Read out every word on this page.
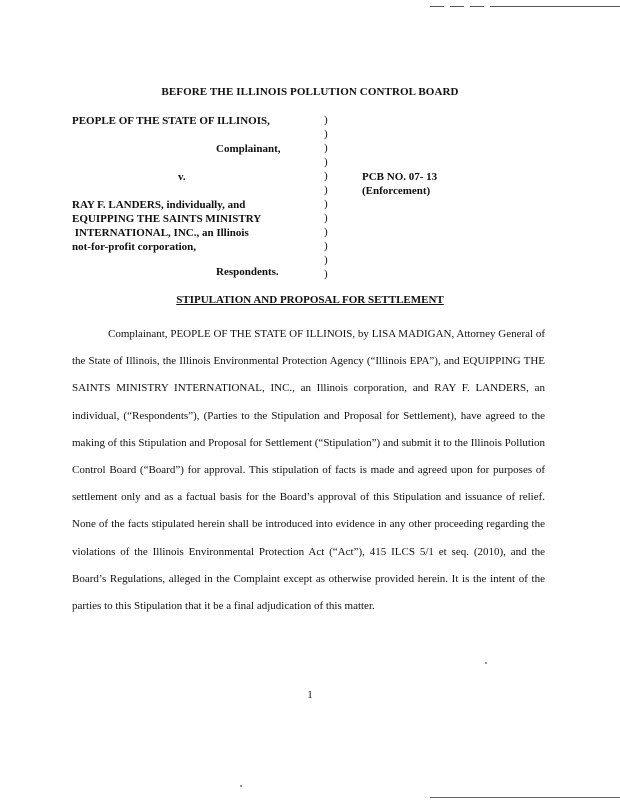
BEFORE THE ILLINOIS POLLUTION CONTROL BOARD
PEOPLE OF THE STATE OF ILLINOIS,
Complainant,
v.
RAY F. LANDERS, individually, and
EQUIPPING THE SAINTS MINISTRY
INTERNATIONAL, INC., an Illinois
not-for-profit corporation,
Respondents.
)
)
)
)
)
)
)
)
)
)
)
)
PCB NO. 07- 13
(Enforcement)
STIPULATION AND PROPOSAL FOR SETTLEMENT

Complainant, PEOPLE OF THE STATE OF ILLINOIS, by LISA MADIGAN, Attorney General of the State of Illinois, the Illinois Environmental Protection Agency (“Illinois EPA”), and EQUIPPING THE SAINTS MINISTRY INTERNATIONAL, INC., an Illinois corporation, and RAY F. LANDERS, an individual, (“Respondents”), (Parties to the Stipulation and Proposal for Settlement), have agreed to the making of this Stipulation and Proposal for Settlement (“Stipulation”) and submit it to the Illinois Pollution Control Board (“Board”) for approval. This stipulation of facts is made and agreed upon for purposes of settlement only and as a factual basis for the Board’s approval of this Stipulation and issuance of relief. None of the facts stipulated herein shall be introduced into evidence in any other proceeding regarding the violations of the Illinois Environmental Protection Act (“Act”), 415 ILCS 5/1 et seq. (2010), and the Board’s Regulations, alleged in the Complaint except as otherwise provided herein. It is the intent of the parties to this Stipulation that it be a final adjudication of this matter.

1
